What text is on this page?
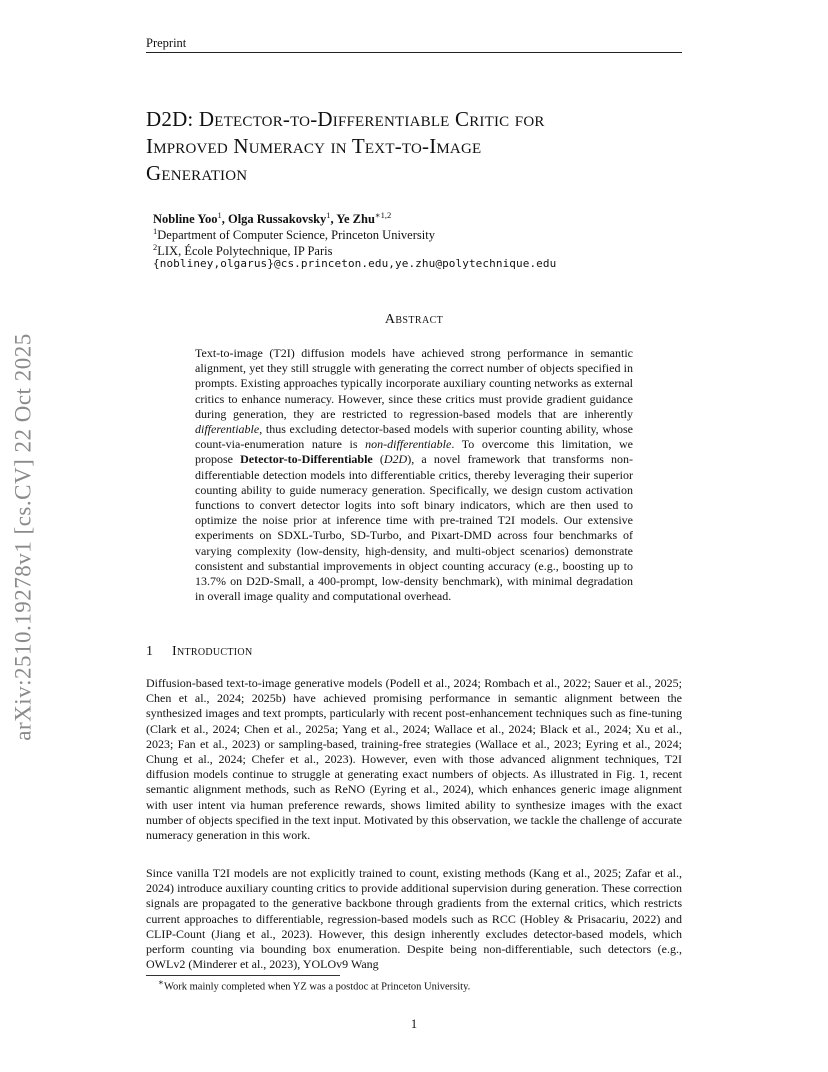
Preprint
arXiv:2510.19278v1 [cs.CV] 22 Oct 2025
D2D: Detector-to-Differentiable Critic for
Improved Numeracy in Text-to-Image
Generation
Nobline Yoo$^1$, Olga Russakovsky$^1$, Ye Zhu$^{∗1,2}$
$^1$Department of Computer Science, Princeton University
$^2$LIX, École Polytechnique, IP Paris
{nobliney,olgarus}@cs.princeton.edu,ye.zhu@polytechnique.edu
Abstract

Text-to-image (T2I) diffusion models have achieved strong performance in semantic alignment, yet they still struggle with generating the correct number of objects specified in prompts. Existing approaches typically incorporate auxiliary counting networks as external critics to enhance numeracy. However, since these critics must provide gradient guidance during generation, they are restricted to regression-based models that are inherently differentiable, thus excluding detector-based models with superior counting ability, whose count-via-enumeration nature is non-differentiable. To overcome this limitation, we propose Detector-to-Differentiable (D2D), a novel framework that transforms non-differentiable detection models into differentiable critics, thereby leveraging their superior counting ability to guide numeracy generation. Specifically, we design custom activation functions to convert detector logits into soft binary indicators, which are then used to optimize the noise prior at inference time with pre-trained T2I models. Our extensive experiments on SDXL-Turbo, SD-Turbo, and Pixart-DMD across four benchmarks of varying complexity (low-density, high-density, and multi-object scenarios) demonstrate consistent and substantial improvements in object counting accuracy (e.g., boosting up to 13.7% on D2D-Small, a 400-prompt, low-density benchmark), with minimal degradation in overall image quality and computational overhead.

1 Introduction

Diffusion-based text-to-image generative models (Podell et al., 2024; Rombach et al., 2022; Sauer et al., 2025; Chen et al., 2024; 2025b) have achieved promising performance in semantic alignment between the synthesized images and text prompts, particularly with recent post-enhancement techniques such as fine-tuning (Clark et al., 2024; Chen et al., 2025a; Yang et al., 2024; Wallace et al., 2024; Black et al., 2024; Xu et al., 2023; Fan et al., 2023) or sampling-based, training-free strategies (Wallace et al., 2023; Eyring et al., 2024; Chung et al., 2024; Chefer et al., 2023). However, even with those advanced alignment techniques, T2I diffusion models continue to struggle at generating exact numbers of objects. As illustrated in Fig. 1, recent semantic alignment methods, such as ReNO (Eyring et al., 2024), which enhances generic image alignment with user intent via human preference rewards, shows limited ability to synthesize images with the exact number of objects specified in the text input. Motivated by this observation, we tackle the challenge of accurate numeracy generation in this work.

Since vanilla T2I models are not explicitly trained to count, existing methods (Kang et al., 2025; Zafar et al., 2024) introduce auxiliary counting critics to provide additional supervision during generation. These correction signals are propagated to the generative backbone through gradients from the external critics, which restricts current approaches to differentiable, regression-based models such as RCC (Hobley & Prisacariu, 2022) and CLIP-Count (Jiang et al., 2023). However, this design inherently excludes detector-based models, which perform counting via bounding box enumeration. Despite being non-differentiable, such detectors (e.g., OWLv2 (Minderer et al., 2023), YOLOv9 Wang

∗Work mainly completed when YZ was a postdoc at Princeton University.
1
